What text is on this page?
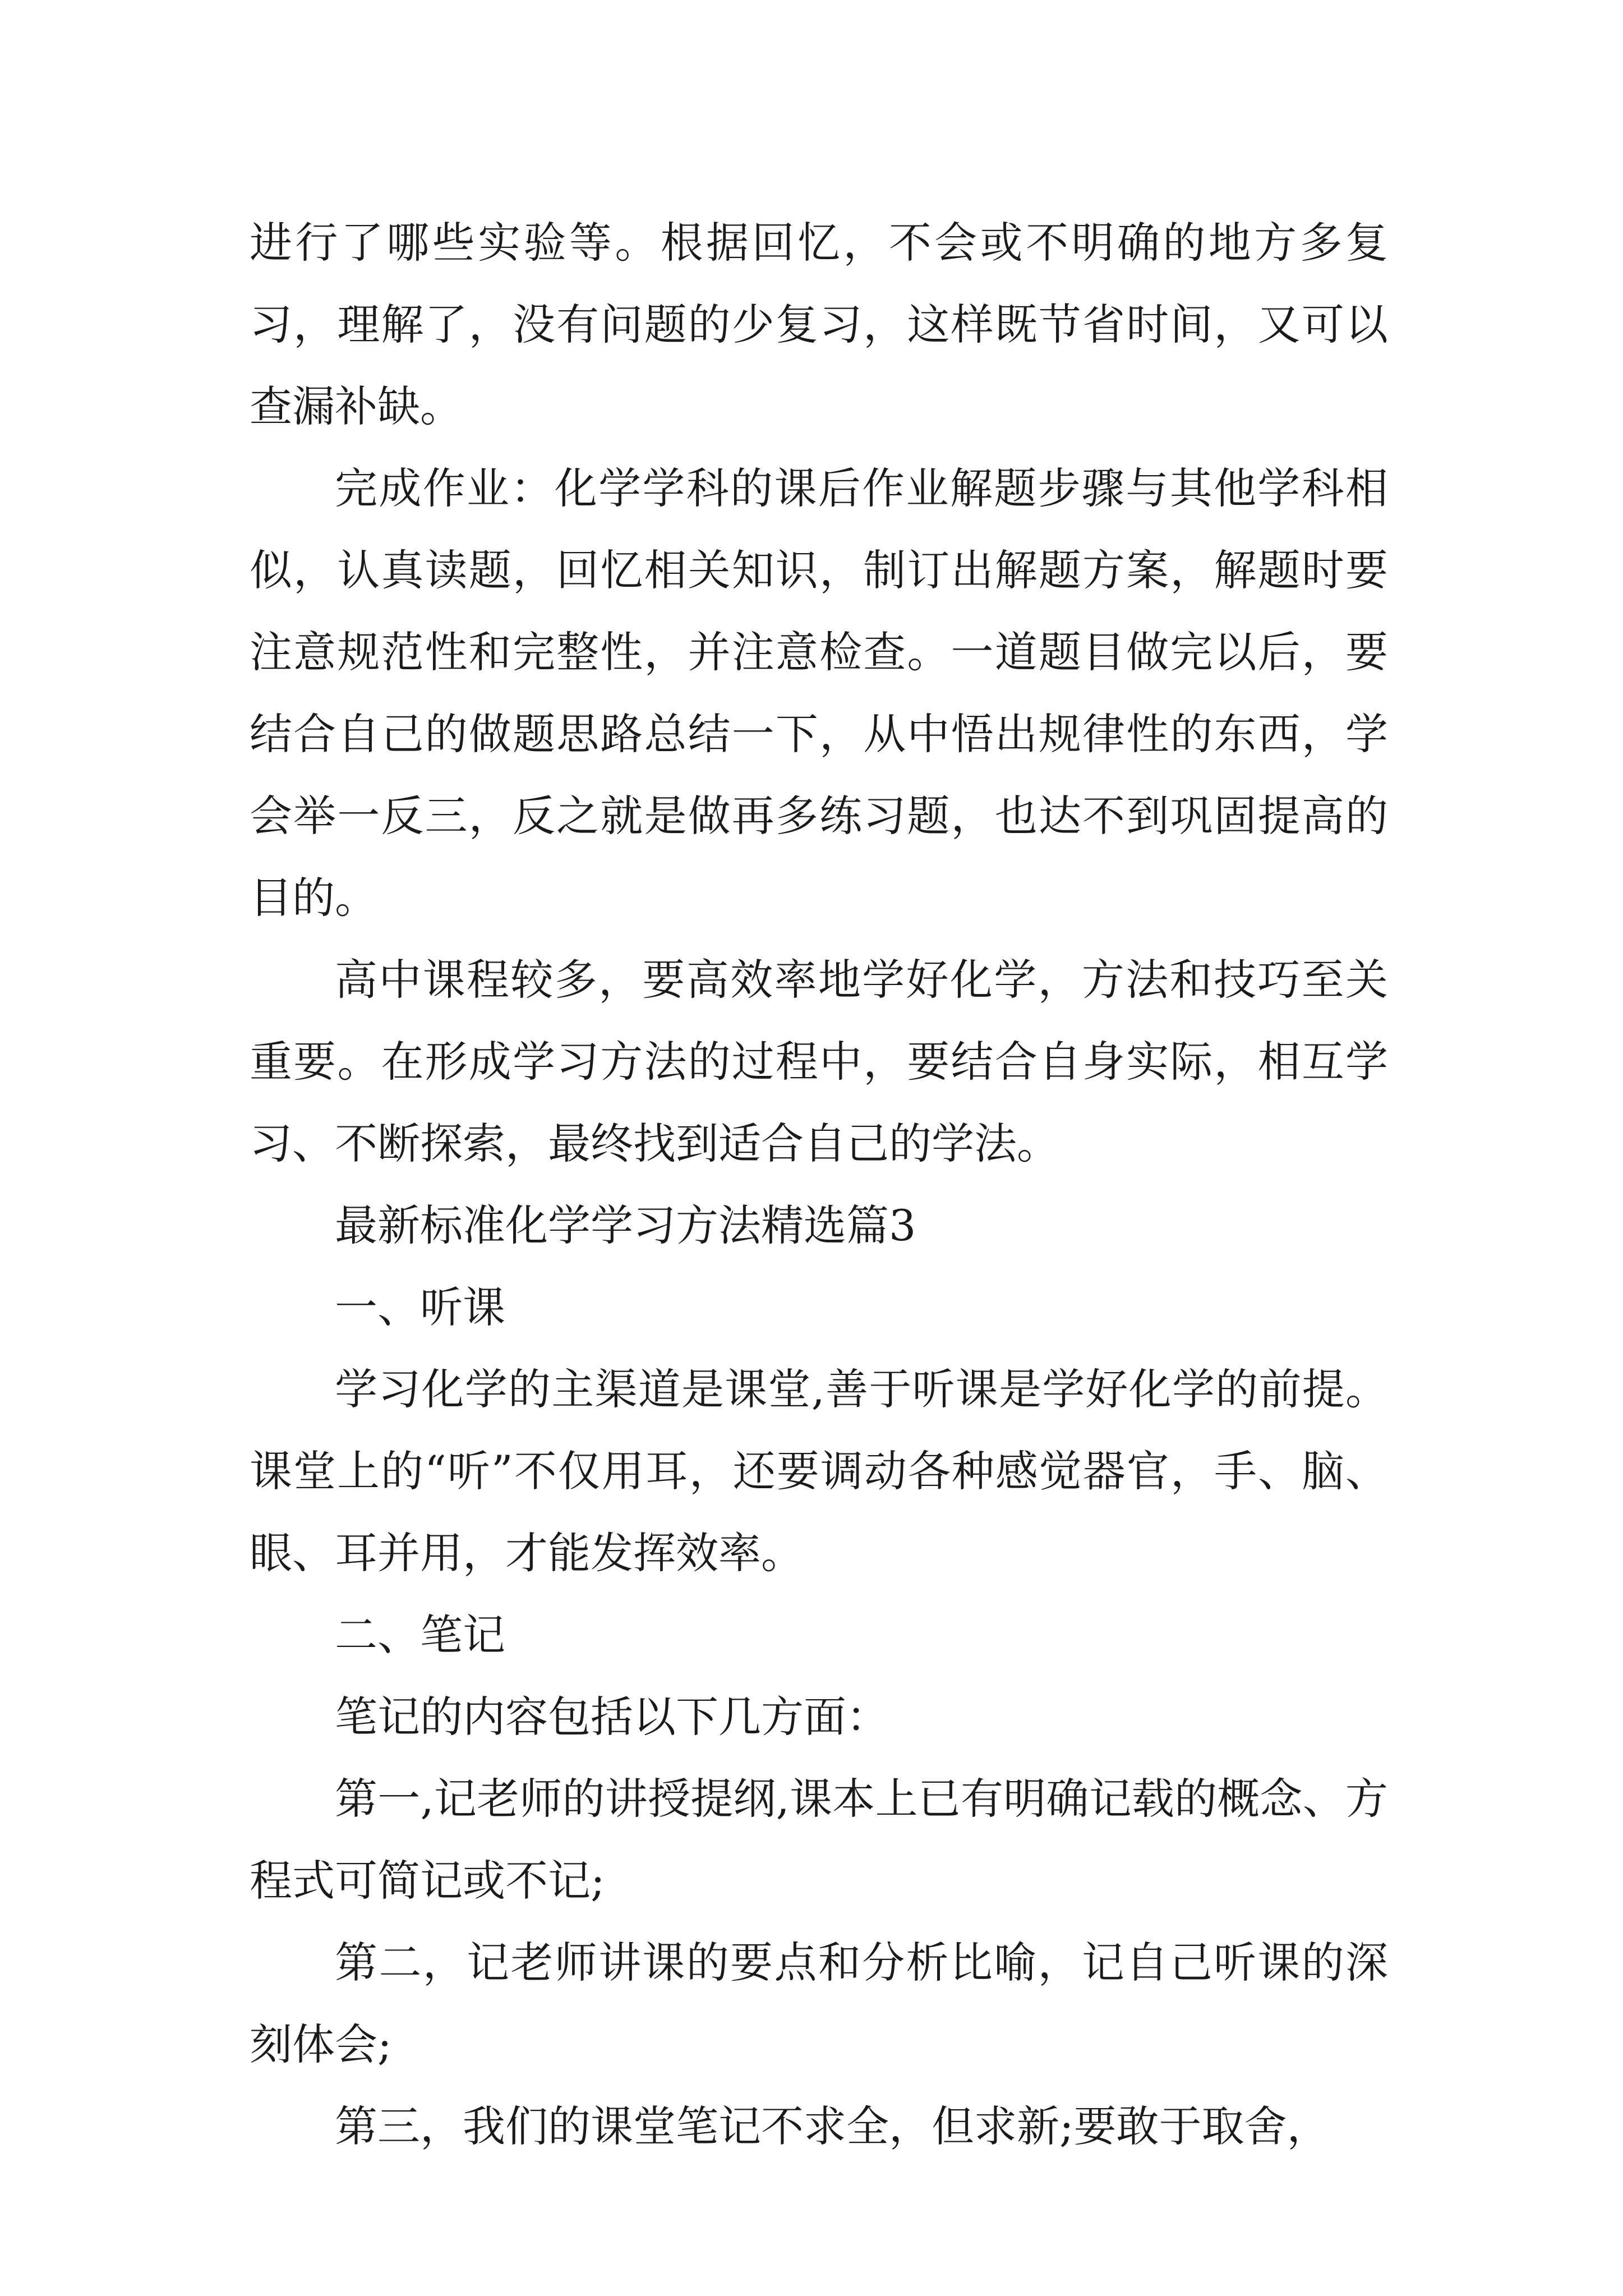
进行了哪些实验等。根据回忆，不会或不明确的地方多复习，理解了，没有问题的少复习，这样既节省时间，又可以查漏补缺。

完成作业：化学学科的课后作业解题步骤与其他学科相似，认真读题，回忆相关知识，制订出解题方案，解题时要注意规范性和完整性，并注意检查。一道题目做完以后，要结合自己的做题思路总结一下，从中悟出规律性的东西，学会举一反三，反之就是做再多练习题，也达不到巩固提高的目的。

高中课程较多，要高效率地学好化学，方法和技巧至关重要。在形成学习方法的过程中，要结合自身实际，相互学习、不断探索，最终找到适合自己的学法。

最新标准化学学习方法精选篇3

一、听课

学习化学的主渠道是课堂,善于听课是学好化学的前提。课堂上的“听”不仅用耳，还要调动各种感觉器官，手、脑、眼、耳并用，才能发挥效率。

二、笔记

笔记的内容包括以下几方面：

第一,记老师的讲授提纲,课本上已有明确记载的概念、方程式可简记或不记;

第二，记老师讲课的要点和分析比喻，记自己听课的深刻体会;

第三，我们的课堂笔记不求全，但求新;要敢于取舍，
